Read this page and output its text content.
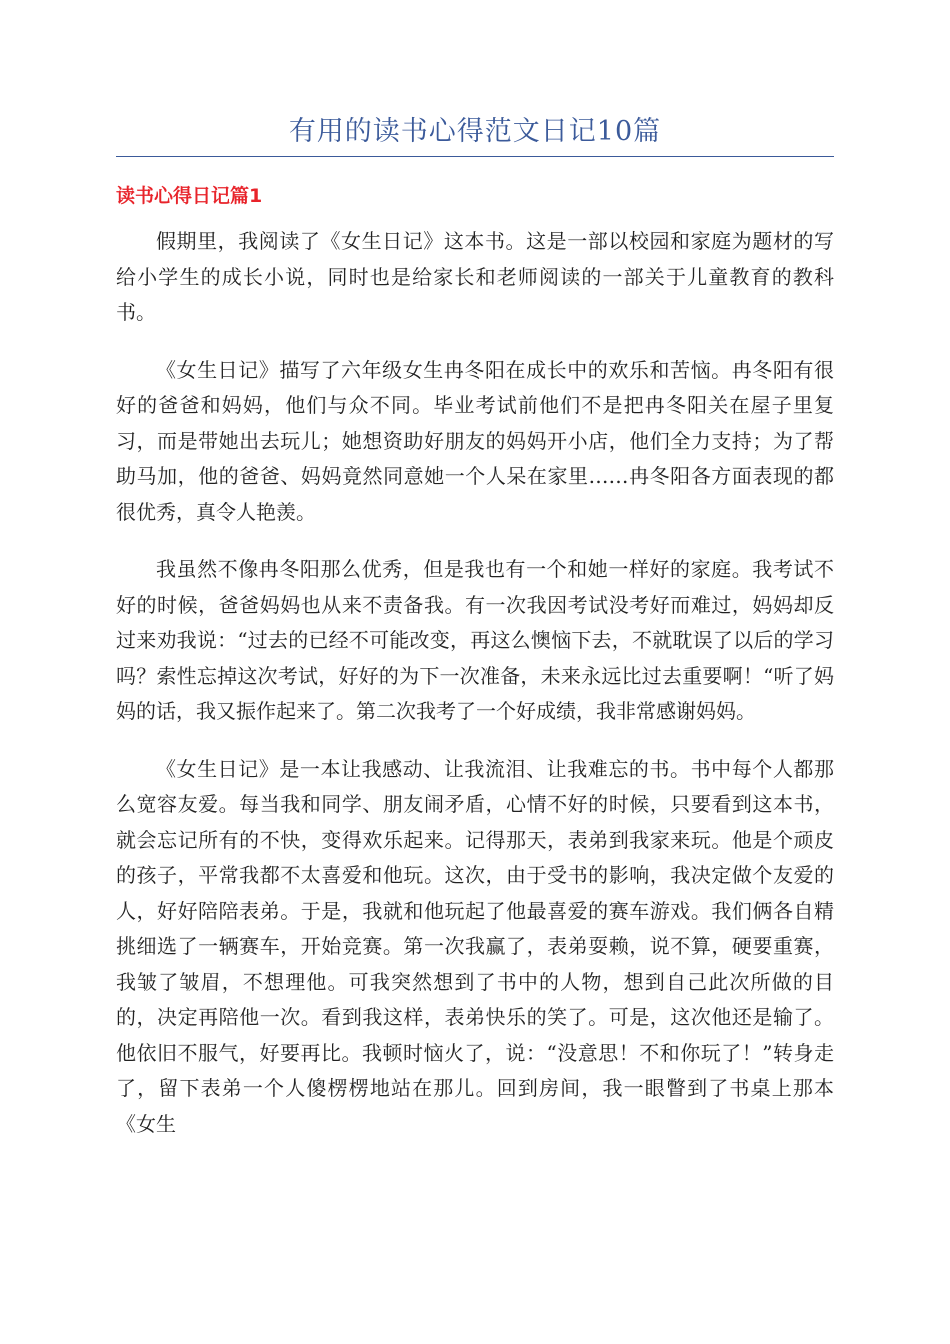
有用的读书心得范文日记10篇
读书心得日记篇1

假期里，我阅读了《女生日记》这本书。这是一部以校园和家庭为题材的写给小学生的成长小说，同时也是给家长和老师阅读的一部关于儿童教育的教科书。

《女生日记》描写了六年级女生冉冬阳在成长中的欢乐和苦恼。冉冬阳有很好的爸爸和妈妈，他们与众不同。毕业考试前他们不是把冉冬阳关在屋子里复习，而是带她出去玩儿；她想资助好朋友的妈妈开小店，他们全力支持；为了帮助马加，他的爸爸、妈妈竟然同意她一个人呆在家里……冉冬阳各方面表现的都很优秀，真令人艳羡。

我虽然不像冉冬阳那么优秀，但是我也有一个和她一样好的家庭。我考试不好的时候，爸爸妈妈也从来不责备我。有一次我因考试没考好而难过，妈妈却反过来劝我说：“过去的已经不可能改变，再这么懊恼下去，不就耽误了以后的学习吗？索性忘掉这次考试，好好的为下一次准备，未来永远比过去重要啊！“听了妈妈的话，我又振作起来了。第二次我考了一个好成绩，我非常感谢妈妈。

《女生日记》是一本让我感动、让我流泪、让我难忘的书。书中每个人都那么宽容友爱。每当我和同学、朋友闹矛盾，心情不好的时候，只要看到这本书，就会忘记所有的不快，变得欢乐起来。记得那天，表弟到我家来玩。他是个顽皮的孩子，平常我都不太喜爱和他玩。这次，由于受书的影响，我决定做个友爱的人，好好陪陪表弟。于是，我就和他玩起了他最喜爱的赛车游戏。我们俩各自精挑细选了一辆赛车，开始竞赛。第一次我赢了，表弟耍赖，说不算，硬要重赛，我皱了皱眉，不想理他。可我突然想到了书中的人物，想到自己此次所做的目的，决定再陪他一次。看到我这样，表弟快乐的笑了。可是，这次他还是输了。他依旧不服气，好要再比。我顿时恼火了，说：“没意思！不和你玩了！”转身走了，留下表弟一个人傻楞楞地站在那儿。回到房间，我一眼瞥到了书桌上那本《女生
